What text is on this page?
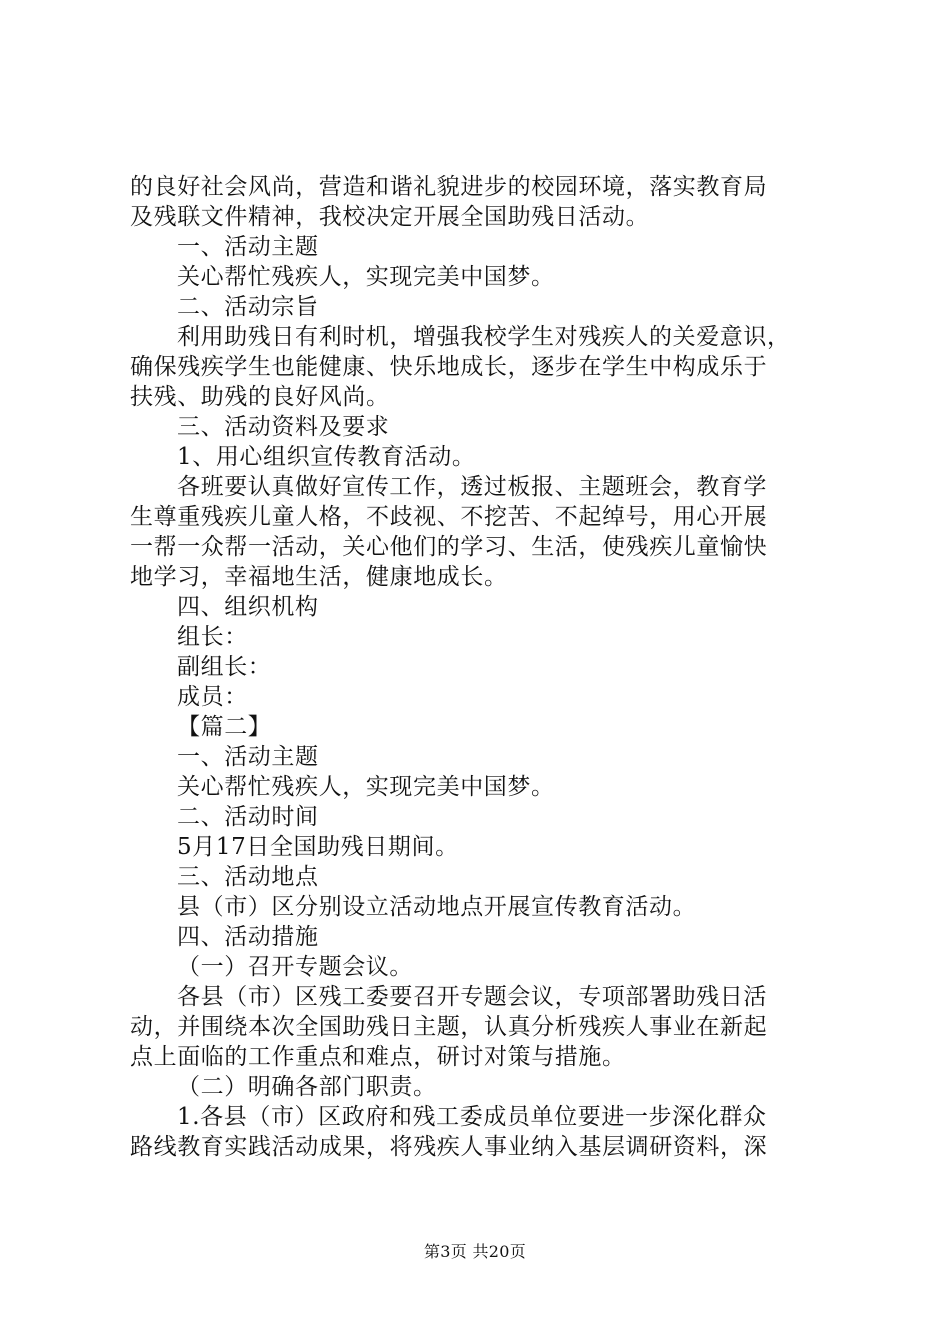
的良好社会风尚，营造和谐礼貌进步的校园环境，落实教育局
及残联文件精神，我校决定开展全国助残日活动。
一、活动主题
关心帮忙残疾人，实现完美中国梦。
二、活动宗旨
利用助残日有利时机，增强我校学生对残疾人的关爱意识，
确保残疾学生也能健康、快乐地成长，逐步在学生中构成乐于
扶残、助残的良好风尚。
三、活动资料及要求
1、用心组织宣传教育活动。
各班要认真做好宣传工作，透过板报、主题班会，教育学
生尊重残疾儿童人格，不歧视、不挖苦、不起绰号，用心开展
一帮一众帮一活动，关心他们的学习、生活，使残疾儿童愉快
地学习，幸福地生活，健康地成长。
四、组织机构
组长：
副组长：
成员：
【篇二】
一、活动主题
关心帮忙残疾人，实现完美中国梦。
二、活动时间
5月17日全国助残日期间。
三、活动地点
县（市）区分别设立活动地点开展宣传教育活动。
四、活动措施
（一）召开专题会议。
各县（市）区残工委要召开专题会议，专项部署助残日活
动，并围绕本次全国助残日主题，认真分析残疾人事业在新起
点上面临的工作重点和难点，研讨对策与措施。
（二）明确各部门职责。
1.各县（市）区政府和残工委成员单位要进一步深化群众
路线教育实践活动成果，将残疾人事业纳入基层调研资料，深
第3页 共20页
